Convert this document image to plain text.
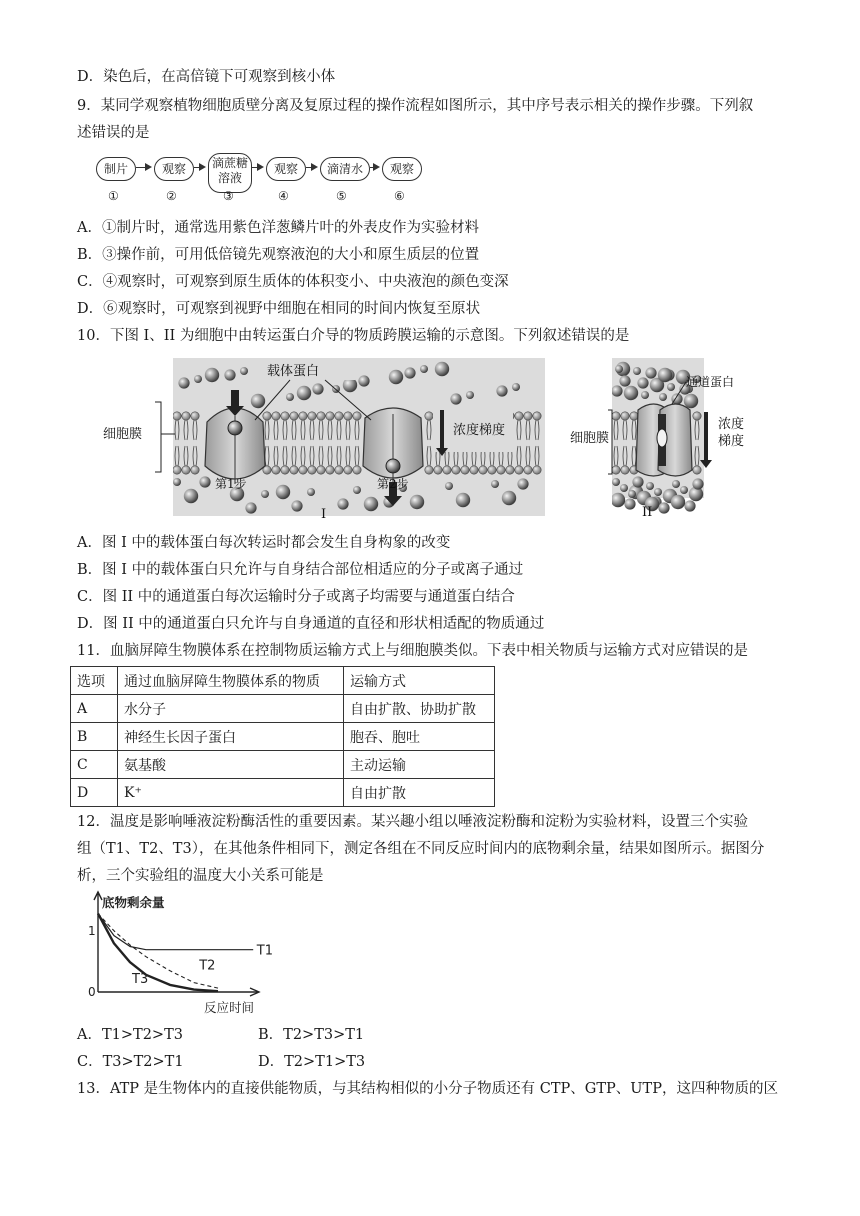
D．染色后，在高倍镜下可观察到核小体
9．某同学观察植物细胞质壁分离及复原过程的操作流程如图所示，其中序号表示相关的操作步骤。下列叙
述错误的是
制片	观察	滴蔗糖
溶液
观察	滴清水	观察
①	②	③	④	⑤	⑥
A．①制片时，通常选用紫色洋葱鳞片叶的外表皮作为实验材料
B．③操作前，可用低倍镜先观察液泡的大小和原生质层的位置
C．④观察时，可观察到原生质体的体积变小、中央液泡的颜色变深
D．⑥观察时，可观察到视野中细胞在相同的时间内恢复至原状
10．下图 I、II 为细胞中由转运蛋白介导的物质跨膜运输的示意图。下列叙述错误的是
载体蛋白
细胞膜	浓度梯度
第1步	第2步
I
细胞膜
通道蛋白
浓度
梯度
II
A．图 I 中的载体蛋白每次转运时都会发生自身构象的改变
B．图 I 中的载体蛋白只允许与自身结合部位相适应的分子或离子通过
C．图 II 中的通道蛋白每次运输时分子或离子均需要与通道蛋白结合
D．图 II 中的通道蛋白只允许与自身通道的直径和形状相适配的物质通过
11．血脑屏障生物膜体系在控制物质运输方式上与细胞膜类似。下表中相关物质与运输方式对应错误的是
选项	通过血脑屏障生物膜体系的物质	运输方式
A	水分子	自由扩散、协助扩散
B	神经生长因子蛋白	胞吞、胞吐
C	氨基酸	主动运输
D	K⁺	自由扩散
12．温度是影响唾液淀粉酶活性的重要因素。某兴趣小组以唾液淀粉酶和淀粉为实验材料，设置三个实验
组（T1、T2、T3），在其他条件相同下，测定各组在不同反应时间内的底物剩余量，结果如图所示。据图分
析，三个实验组的温度大小关系可能是
底物剩余量
反应时间
1
0
T1
T2
T3
A．T1>T2>T3	B．T2>T3>T1
C．T3>T2>T1	D．T2>T1>T3
13．ATP 是生物体内的直接供能物质，与其结构相似的小分子物质还有 CTP、GTP、UTP，这四种物质的区
